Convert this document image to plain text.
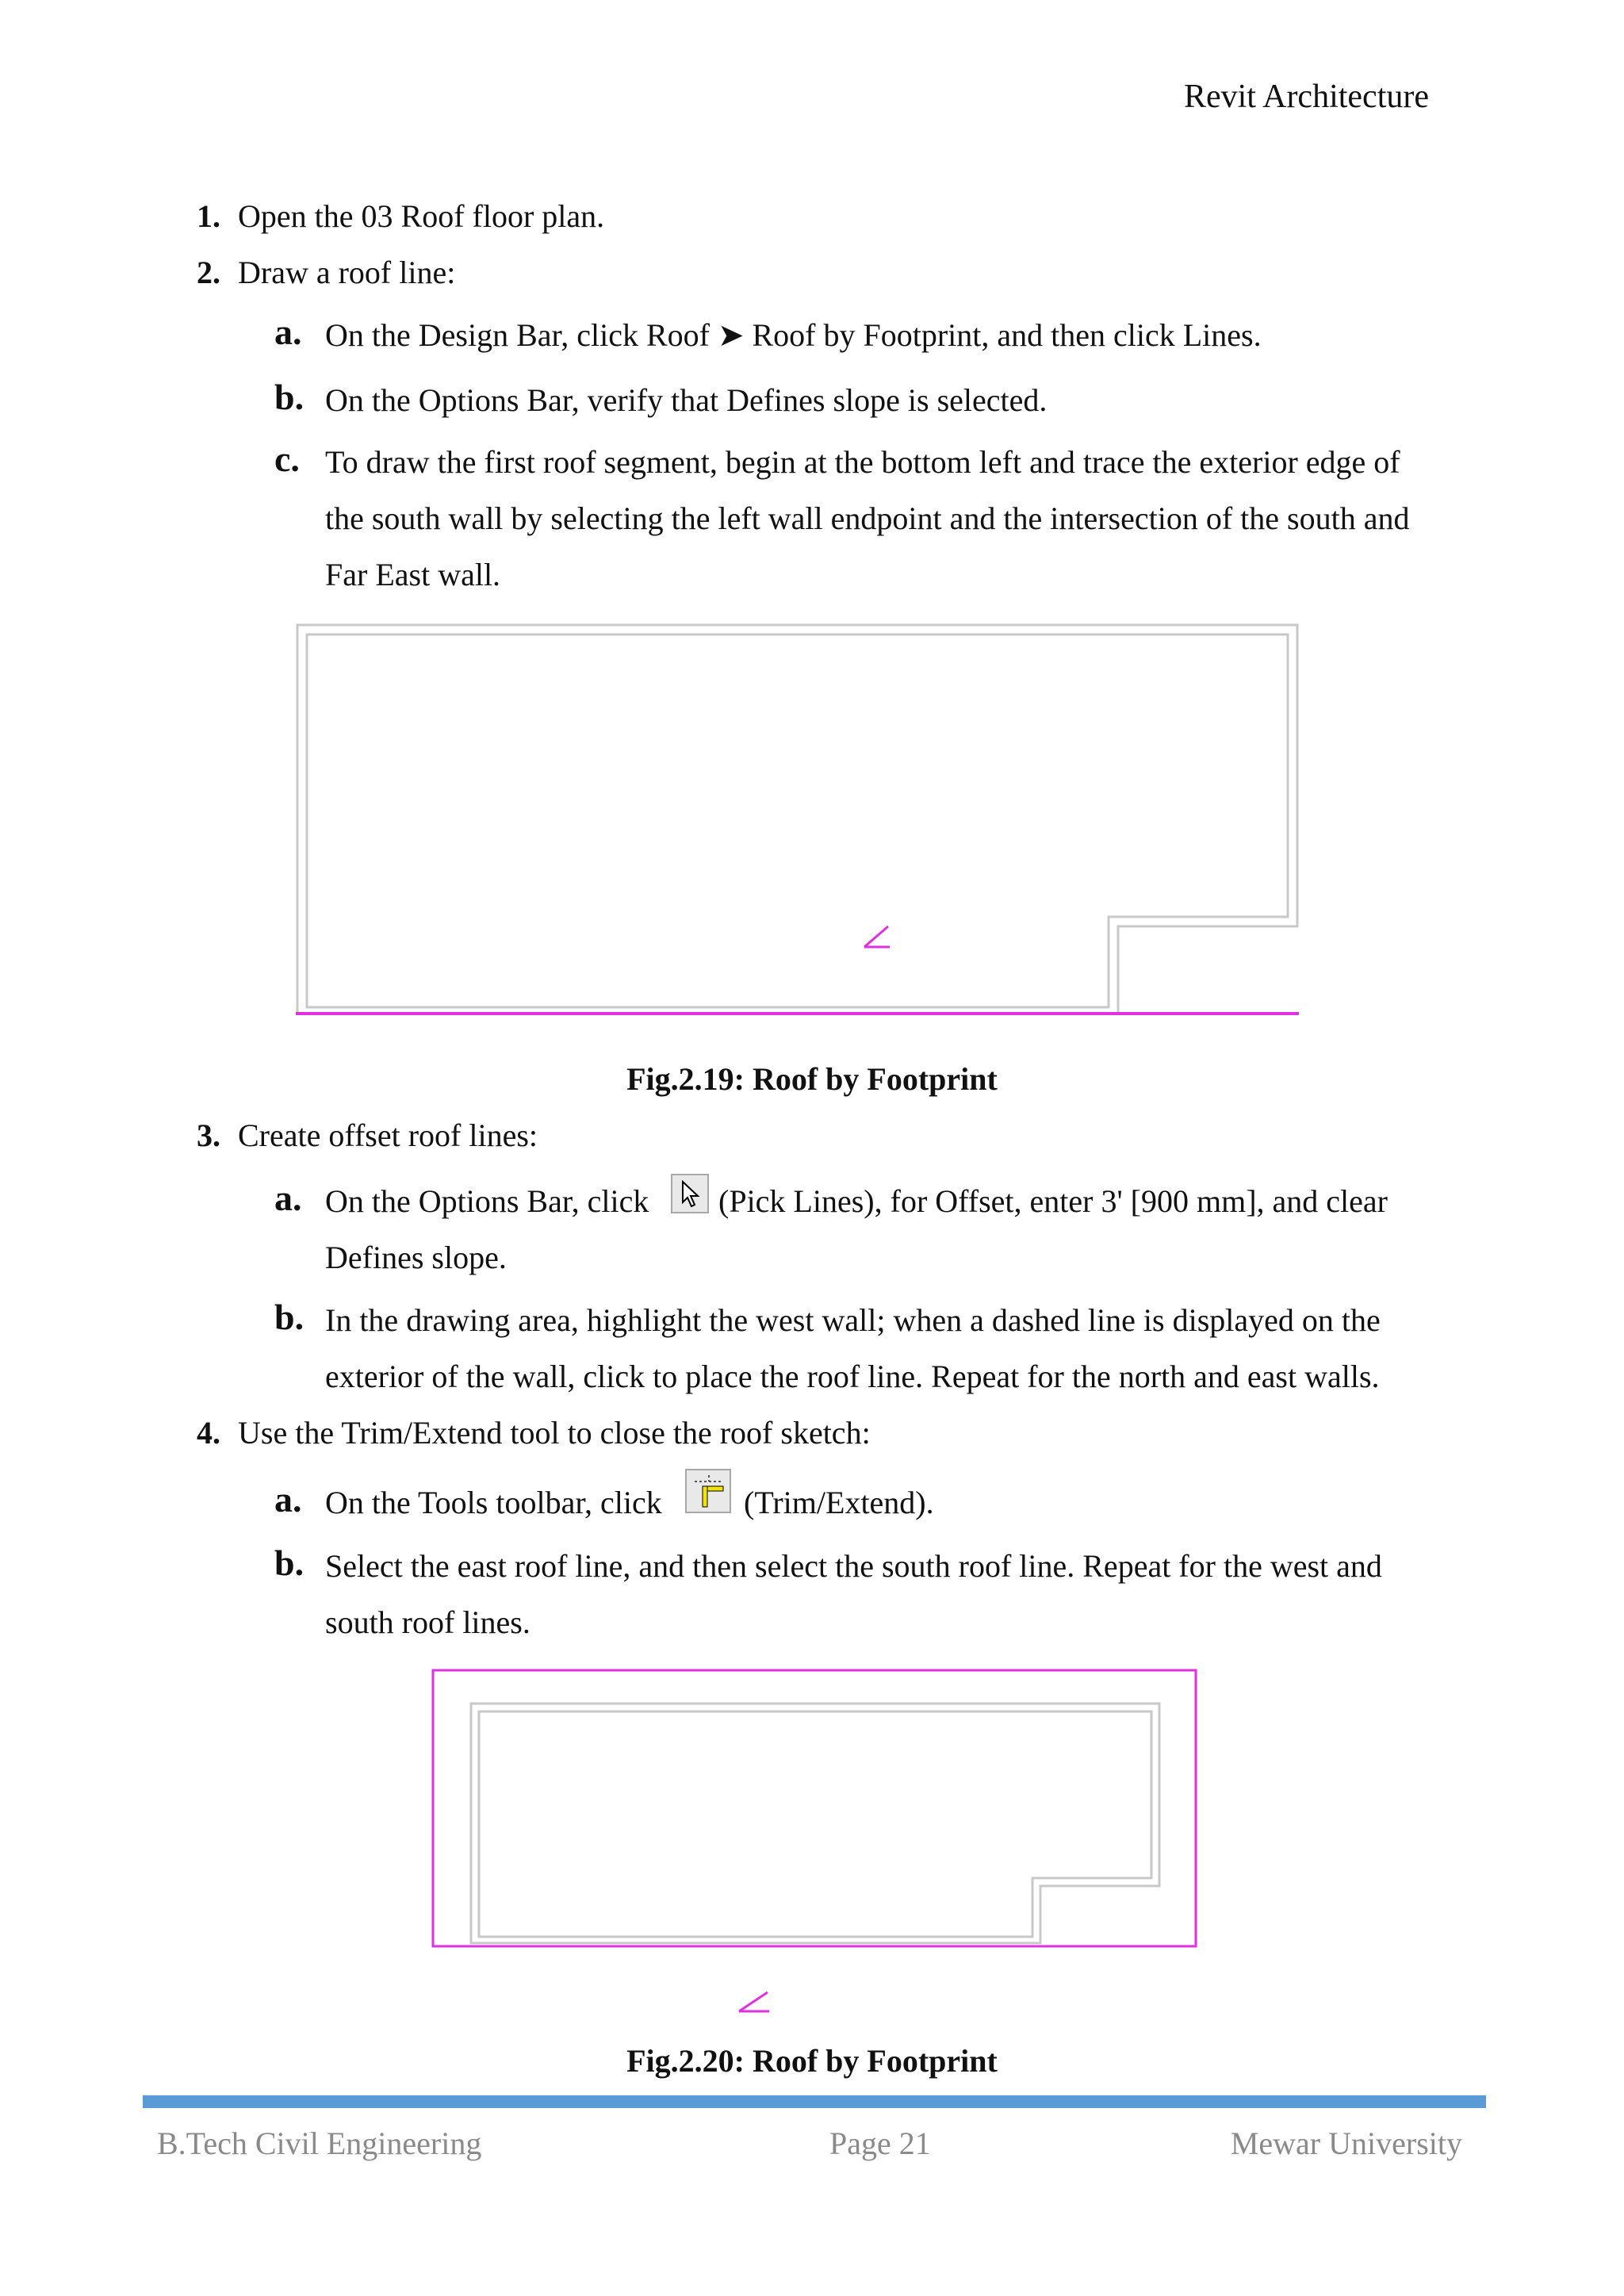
Revit Architecture
1. Open the 03 Roof floor plan.
2. Draw a roof line:
a. On the Design Bar, click Roof ➤ Roof by Footprint, and then click Lines.
b. On the Options Bar, verify that Defines slope is selected.
c. To draw the first roof segment, begin at the bottom left and trace the exterior edge of
the south wall by selecting the left wall endpoint and the intersection of the south and
Far East wall.
Fig.2.19: Roof by Footprint
3. Create offset roof lines:
a. On the Options Bar, click (Pick Lines), for Offset, enter 3' [900 mm], and clear
Defines slope.
b. In the drawing area, highlight the west wall; when a dashed line is displayed on the
exterior of the wall, click to place the roof line. Repeat for the north and east walls.
4. Use the Trim/Extend tool to close the roof sketch:
a. On the Tools toolbar, click	(Trim/Extend).
b. Select the east roof line, and then select the south roof line. Repeat for the west and
south roof lines.
Fig.2.20: Roof by Footprint
B.Tech Civil Engineering	Page 21	Mewar University
